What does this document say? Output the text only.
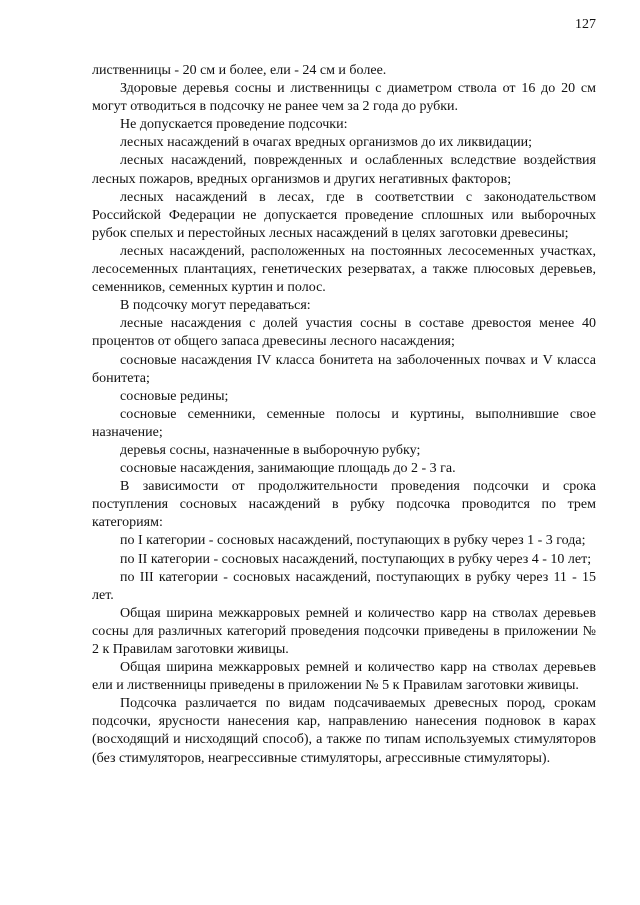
127

лиственницы - 20 см и более, ели - 24 см и более.

Здоровые деревья сосны и лиственницы с диаметром ствола от 16 до 20 см могут отводиться в подсочку не ранее чем за 2 года до рубки.

Не допускается проведение подсочки:

лесных насаждений в очагах вредных организмов до их ликвидации;

лесных насаждений, поврежденных и ослабленных вследствие воздействия лесных пожаров, вредных организмов и других негативных факторов;

лесных насаждений в лесах, где в соответствии с законодательством Российской Федерации не допускается проведение сплошных или выборочных рубок спелых и перестойных лесных насаждений в целях заготовки древесины;

лесных насаждений, расположенных на постоянных лесосеменных участках, лесосеменных плантациях, генетических резерватах, а также плюсовых деревьев, семенников, семенных куртин и полос.

В подсочку могут передаваться:

лесные насаждения с долей участия сосны в составе древостоя менее 40 процентов от общего запаса древесины лесного насаждения;

сосновые насаждения IV класса бонитета на заболоченных почвах и V класса бонитета;

сосновые редины;

сосновые семенники, семенные полосы и куртины, выполнившие свое назначение;

деревья сосны, назначенные в выборочную рубку;

сосновые насаждения, занимающие площадь до 2 - 3 га.

В зависимости от продолжительности проведения подсочки и срока поступления сосновых насаждений в рубку подсочка проводится по трем категориям:

по I категории - сосновых насаждений, поступающих в рубку через 1 - 3 года;

по II категории - сосновых насаждений, поступающих в рубку через 4 - 10 лет;

по III категории - сосновых насаждений, поступающих в рубку через 11 - 15 лет.

Общая ширина межкарровых ремней и количество карр на стволах деревьев сосны для различных категорий проведения подсочки приведены в приложении № 2 к Правилам заготовки живицы.

Общая ширина межкарровых ремней и количество карр на стволах деревьев ели и лиственницы приведены в приложении № 5 к Правилам заготовки живицы.

Подсочка различается по видам подсачиваемых древесных пород, срокам подсочки, ярусности нанесения кар, направлению нанесения подновок в карах (восходящий и нисходящий способ), а также по типам используемых стимуляторов (без стимуляторов, неагрессивные стимуляторы, агрессивные стимуляторы).
